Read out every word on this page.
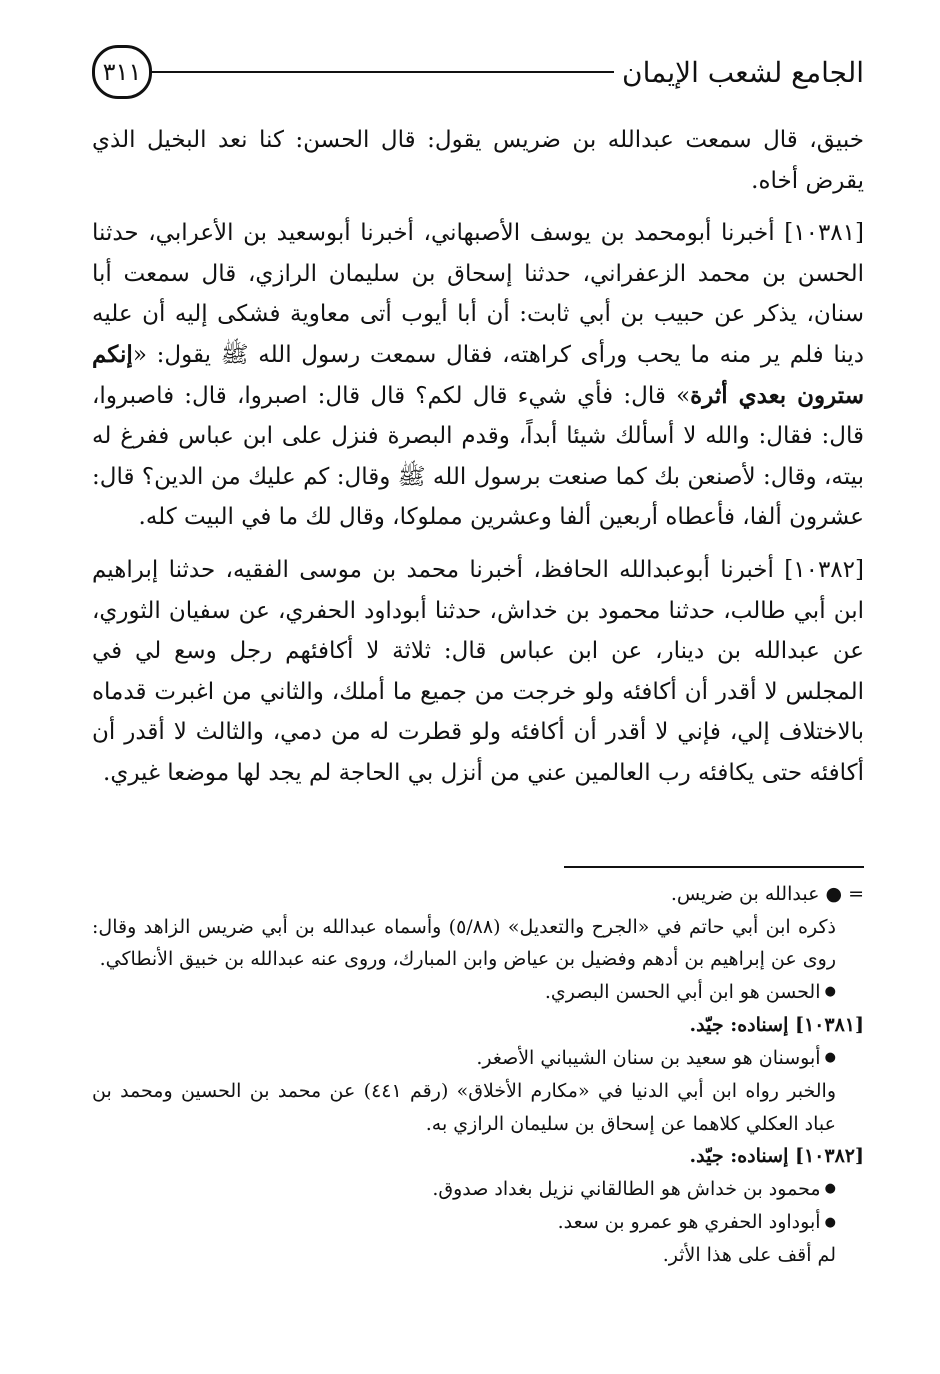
الجامع لشعب الإيمان
٣١١

خبيق، قال سمعت عبدالله بن ضريس يقول: قال الحسن: كنا نعد البخيل الذي يقرض أخاه.

[١٠٣٨١] أخبرنا أبومحمد بن يوسف الأصبهاني، أخبرنا أبوسعيد بن الأعرابي، حدثنا الحسن بن محمد الزعفراني، حدثنا إسحاق بن سليمان الرازي، قال سمعت أبا سنان، يذكر عن حبيب بن أبي ثابت: أن أبا أيوب أتى معاوية فشكى إليه أن عليه دينا فلم ير منه ما يحب ورأى كراهته، فقال سمعت رسول الله ﷺ يقول: «إنكم سترون بعدي أثرة» قال: فأي شيء قال لكم؟ قال قال: اصبروا، قال: فاصبروا، قال: فقال: والله لا أسألك شيئا أبداً، وقدم البصرة فنزل على ابن عباس ففرغ له بيته، وقال: لأصنعن بك كما صنعت برسول الله ﷺ وقال: كم عليك من الدين؟ قال: عشرون ألفا، فأعطاه أربعين ألفا وعشرين مملوكا، وقال لك ما في البيت كله.

[١٠٣٨٢] أخبرنا أبوعبدالله الحافظ، أخبرنا محمد بن موسى الفقيه، حدثنا إبراهيم ابن أبي طالب، حدثنا محمود بن خداش، حدثنا أبوداود الحفري، عن سفيان الثوري، عن عبدالله بن دينار، عن ابن عباس قال: ثلاثة لا أكافئهم رجل وسع لي في المجلس لا أقدر أن أكافئه ولو خرجت من جميع ما أملك، والثاني من اغبرت قدماه بالاختلاف إلي، فإني لا أقدر أن أكافئه ولو قطرت له من دمي، والثالث لا أقدر أن أكافئه حتى يكافئه رب العالمين عني من أنزل بي الحاجة لم يجد لها موضعا غيري.

= ● عبدالله بن ضريس.

ذكره ابن أبي حاتم في «الجرح والتعديل» (٥/٨٨) وأسماه عبدالله بن أبي ضريس الزاهد وقال: روى عن إبراهيم بن أدهم وفضيل بن عياض وابن المبارك، وروى عنه عبدالله بن خبيق الأنطاكي.

● الحسن هو ابن أبي الحسن البصري.

[١٠٣٨١] إسناده: جيّد.

● أبوسنان هو سعيد بن سنان الشيباني الأصغر.

والخبر رواه ابن أبي الدنيا في «مكارم الأخلاق» (رقم ٤٤١) عن محمد بن الحسين ومحمد بن عباد العكلي كلاهما عن إسحاق بن سليمان الرازي به.

[١٠٣٨٢] إسناده: جيّد.

● محمود بن خداش هو الطالقاني نزيل بغداد صدوق.

● أبوداود الحفري هو عمرو بن سعد.

لم أقف على هذا الأثر.
